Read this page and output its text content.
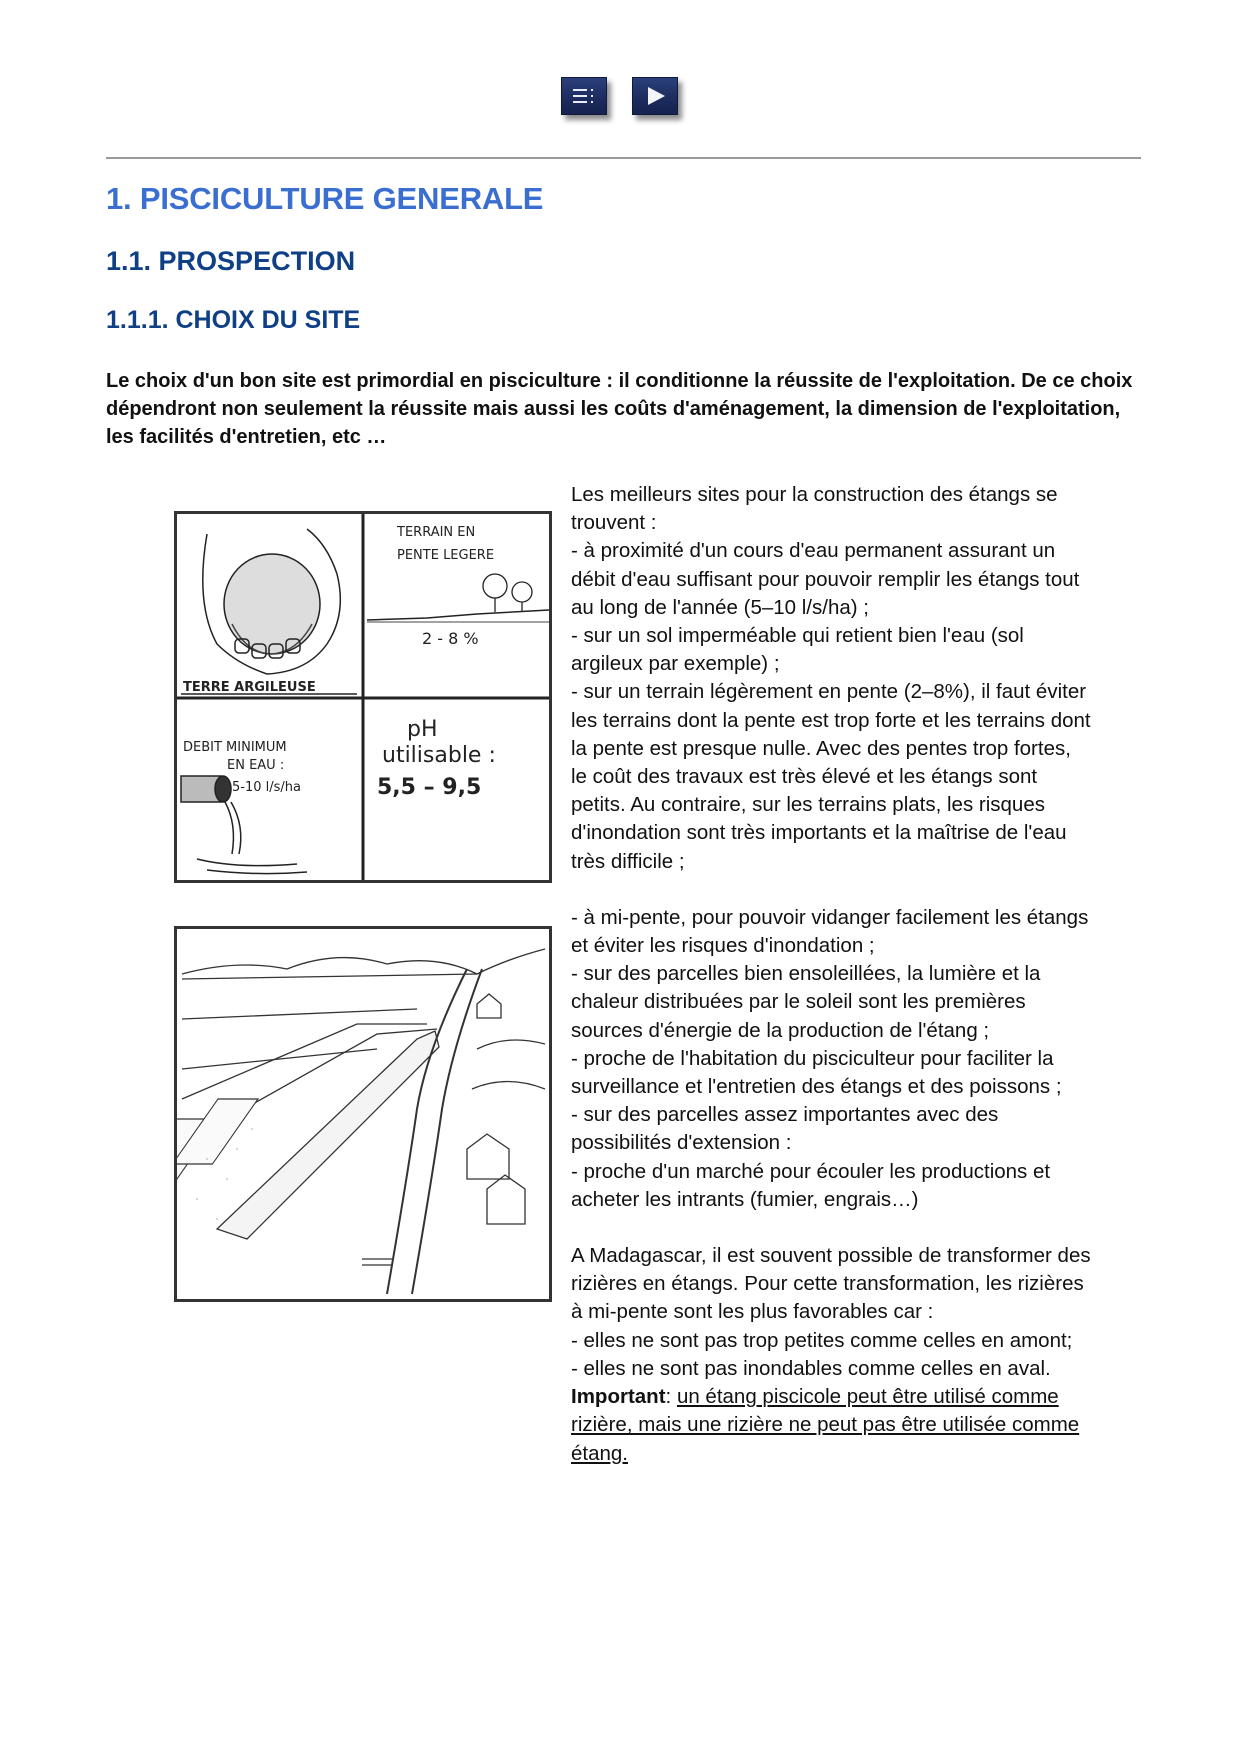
1. PISCICULTURE GENERALE
1.1. PROSPECTION
1.1.1. CHOIX DU SITE
Le choix d'un bon site est primordial en pisciculture : il conditionne la réussite de l'exploitation. De ce choix dépendront non seulement la réussite mais aussi les coûts d'aménagement, la dimension de l'exploitation, les facilités d'entretien, etc …
TERRE ARGILEUSE
TERRAIN EN
PENTE LEGERE
2 - 8 %
DEBIT MINIMUM
EN EAU :
5-10 l/s/ha
pH
utilisable :
5,5 – 9,5

Les meilleurs sites pour la construction des étangs se trouvent :

- à proximité d'un cours d'eau permanent assurant un débit d'eau suffisant pour pouvoir remplir les étangs tout au long de l'année (5–10 l/s/ha) ;

- sur un sol imperméable qui retient bien l'eau (sol argileux par exemple) ;

- sur un terrain légèrement en pente (2–8%), il faut éviter les terrains dont la pente est trop forte et les terrains dont la pente est presque nulle. Avec des pentes trop fortes, le coût des travaux est très élevé et les étangs sont petits. Au contraire, sur les terrains plats, les risques d'inondation sont très importants et la maîtrise de l'eau très difficile ;

- à mi-pente, pour pouvoir vidanger facilement les étangs et éviter les risques d'inondation ;

- sur des parcelles bien ensoleillées, la lumière et la chaleur distribuées par le soleil sont les premières sources d'énergie de la production de l'étang ;

- proche de l'habitation du pisciculteur pour faciliter la surveillance et l'entretien des étangs et des poissons ;

- sur des parcelles assez importantes avec des possibilités d'extension :

- proche d'un marché pour écouler les productions et acheter les intrants (fumier, engrais…)

A Madagascar, il est souvent possible de transformer des rizières en étangs. Pour cette transformation, les rizières à mi-pente sont les plus favorables car :

- elles ne sont pas trop petites comme celles en amont;

- elles ne sont pas inondables comme celles en aval.

Important: un étang piscicole peut être utilisé comme rizière, mais une rizière ne peut pas être utilisée comme étang.
